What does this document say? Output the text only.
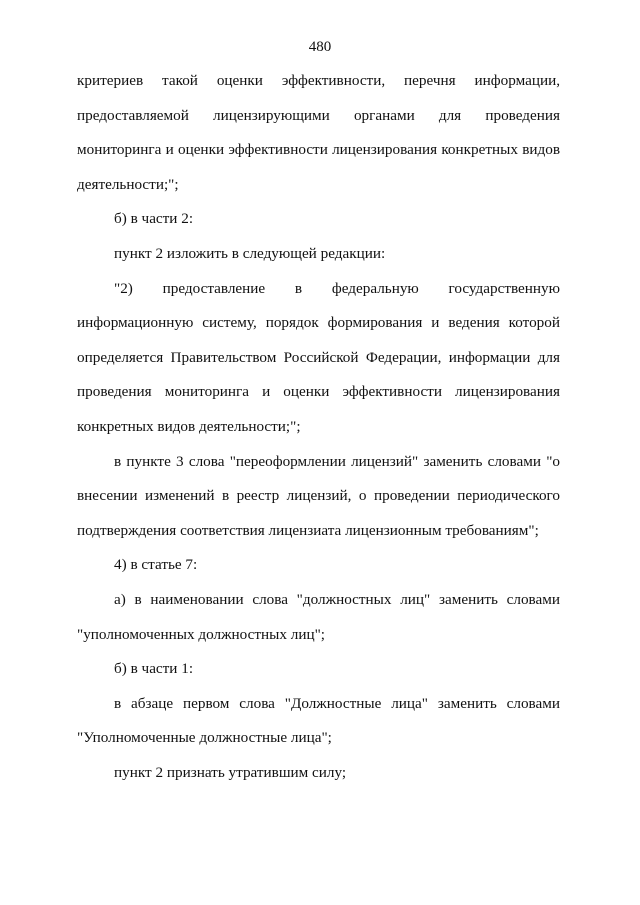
480

критериев такой оценки эффективности, перечня информации, предоставляемой лицензирующими органами для проведения мониторинга и оценки эффективности лицензирования конкретных видов деятельности;";

б) в части 2:

пункт 2 изложить в следующей редакции:

"2) предоставление в федеральную государственную информационную систему, порядок формирования и ведения которой определяется Правительством Российской Федерации, информации для проведения мониторинга и оценки эффективности лицензирования конкретных видов деятельности;";

в пункте 3 слова "переоформлении лицензий" заменить словами "о внесении изменений в реестр лицензий, о проведении периодического подтверждения соответствия лицензиата лицензионным требованиям";

4) в статье 7:

а) в наименовании слова "должностных лиц" заменить словами "уполномоченных должностных лиц";

б) в части 1:

в абзаце первом слова "Должностные лица" заменить словами "Уполномоченные должностные лица";

пункт 2 признать утратившим силу;
